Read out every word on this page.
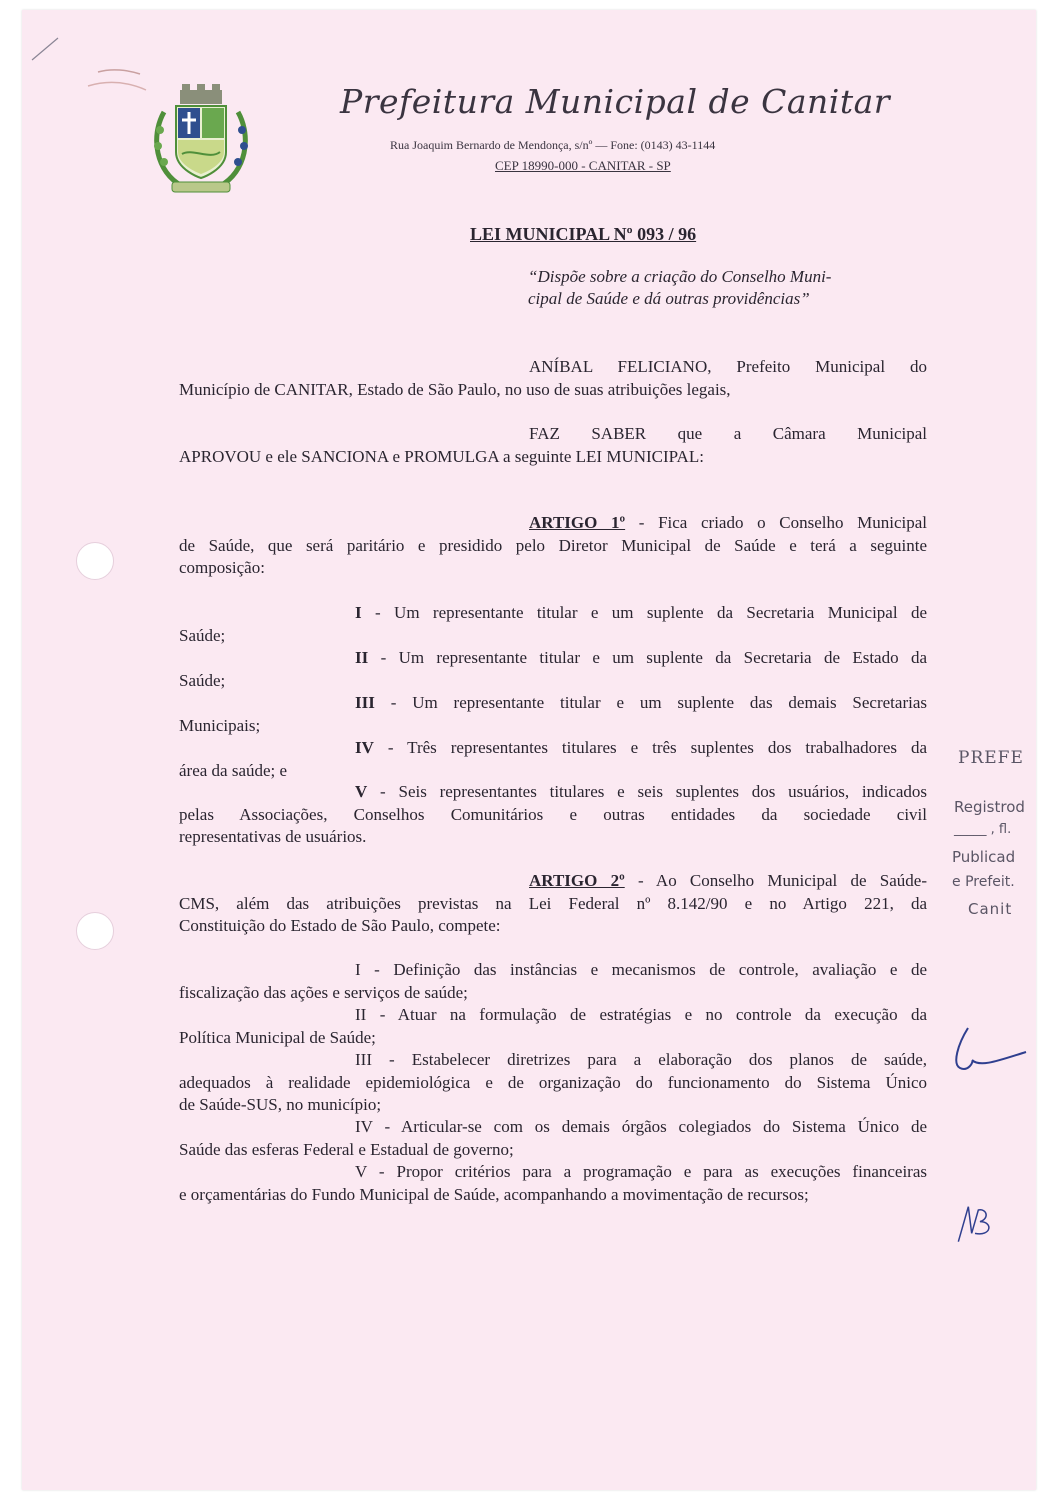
Prefeitura Municipal de Canitar
Rua Joaquim Bernardo de Mendonça, s/nº — Fone: (0143) 43-1144
CEP 18990-000 - CANITAR - SP
LEI MUNICIPAL Nº 093 / 96
“Dispõe sobre a criação do Conselho Muni-
cipal de Saúde e dá outras providências”
ANÍBAL FELICIANO, Prefeito Municipal do
Município de CANITAR, Estado de São Paulo, no uso de suas atribuições legais,
FAZ SABER que a Câmara Municipal
APROVOU e ele SANCIONA e PROMULGA a seguinte LEI MUNICIPAL:
ARTIGO 1º - Fica criado o Conselho Municipal
de Saúde, que será paritário e presidido pelo Diretor Municipal de Saúde e terá a seguinte
composição:
I - Um representante titular e um suplente da Secretaria Municipal de
Saúde;
II - Um representante titular e um suplente da Secretaria de Estado da
Saúde;
III - Um representante titular e um suplente das demais Secretarias
Municipais;
IV - Três representantes titulares e três suplentes dos trabalhadores da
área da saúde; e
V - Seis representantes titulares e seis suplentes dos usuários, indicados
pelas Associações, Conselhos Comunitários e outras entidades da sociedade civil
representativas de usuários.
ARTIGO 2º - Ao Conselho Municipal de Saúde-
CMS, além das atribuições previstas na Lei Federal nº 8.142/90 e no Artigo 221, da
Constituição do Estado de São Paulo, compete:
I - Definição das instâncias e mecanismos de controle, avaliação e de
fiscalização das ações e serviços de saúde;
II - Atuar na formulação de estratégias e no controle da execução da
Política Municipal de Saúde;
III - Estabelecer diretrizes para a elaboração dos planos de saúde,
adequados à realidade epidemiológica e de organização do funcionamento do Sistema Único
de Saúde-SUS, no município;
IV - Articular-se com os demais órgãos colegiados do Sistema Único de
Saúde das esferas Federal e Estadual de governo;
V - Propor critérios para a programação e para as execuções financeiras
e orçamentárias do Fundo Municipal de Saúde, acompanhando a movimentação de recursos;
PREFE
Registrod
_____ , fl.
Publicad
e Prefeit.
Canit
